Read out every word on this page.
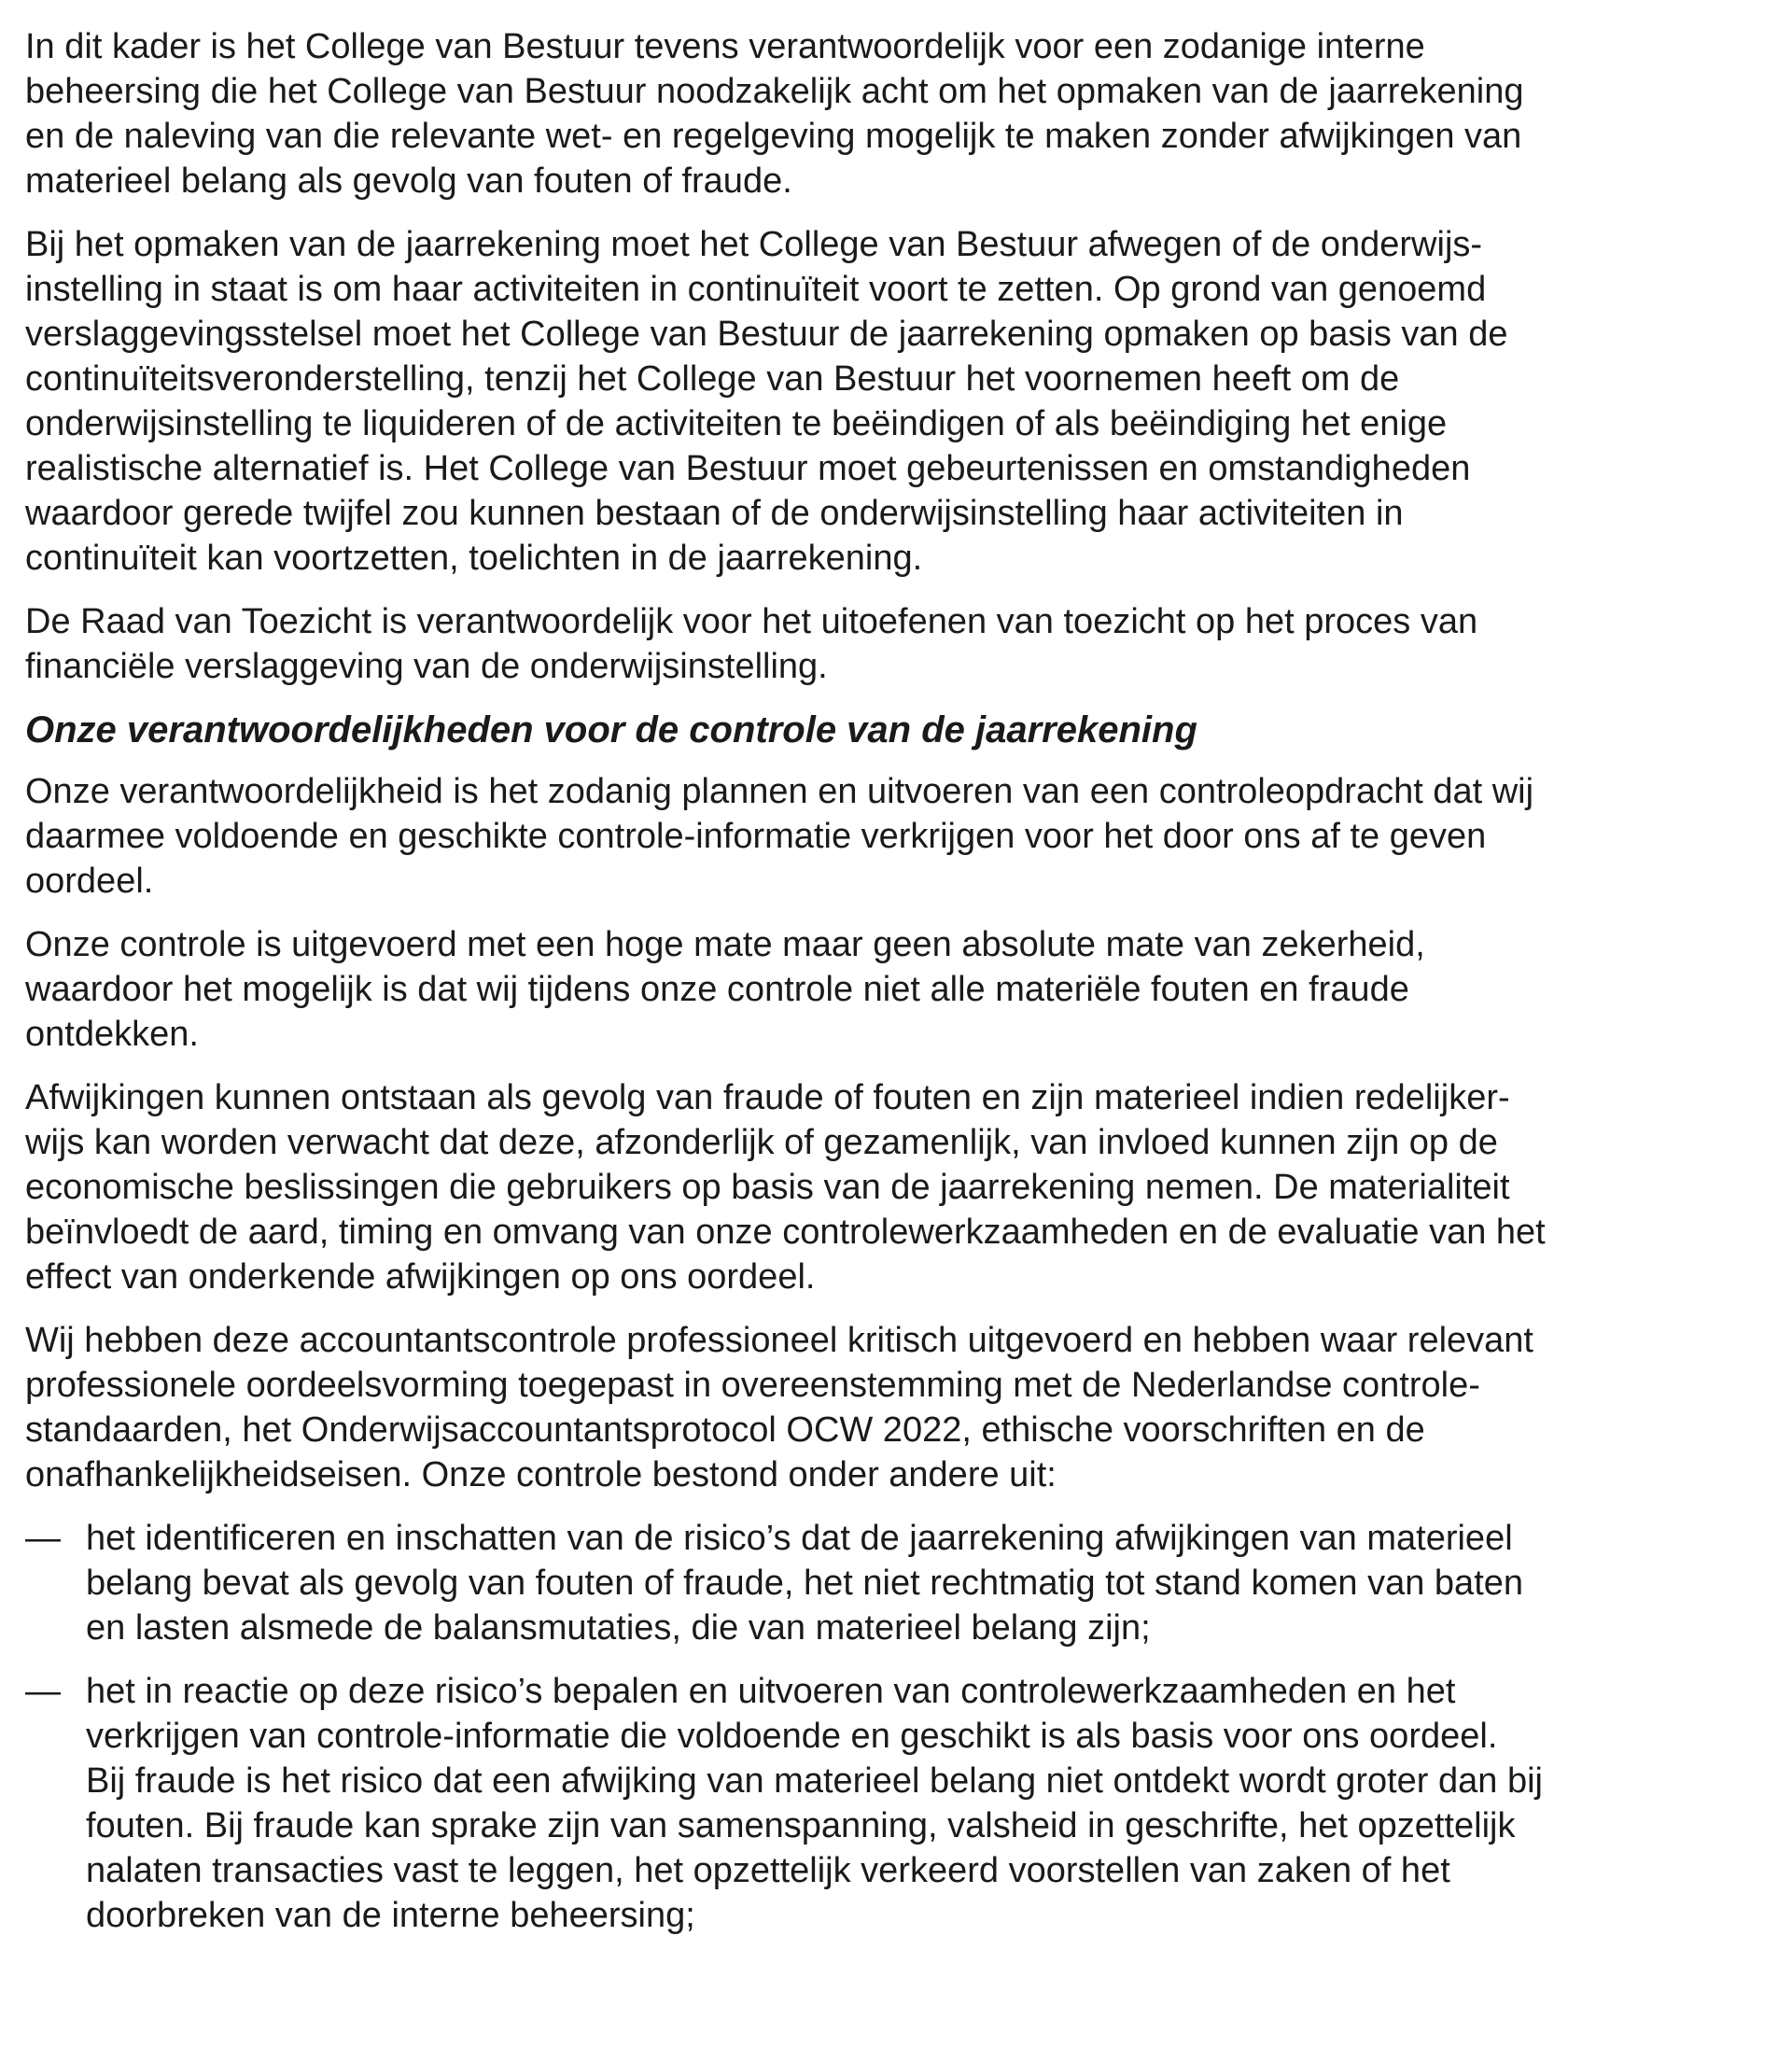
In dit kader is het College van Bestuur tevens verantwoordelijk voor een zodanige interne
beheersing die het College van Bestuur noodzakelijk acht om het opmaken van de jaarrekening
en de naleving van die relevante wet- en regelgeving mogelijk te maken zonder afwijkingen van
materieel belang als gevolg van fouten of fraude.
Bij het opmaken van de jaarrekening moet het College van Bestuur afwegen of de onderwijs-
instelling in staat is om haar activiteiten in continuïteit voort te zetten. Op grond van genoemd
verslaggevingsstelsel moet het College van Bestuur de jaarrekening opmaken op basis van de
continuïteitsveronderstelling, tenzij het College van Bestuur het voornemen heeft om de
onderwijsinstelling te liquideren of de activiteiten te beëindigen of als beëindiging het enige
realistische alternatief is. Het College van Bestuur moet gebeurtenissen en omstandigheden
waardoor gerede twijfel zou kunnen bestaan of de onderwijsinstelling haar activiteiten in
continuïteit kan voortzetten, toelichten in de jaarrekening.
De Raad van Toezicht is verantwoordelijk voor het uitoefenen van toezicht op het proces van
financiële verslaggeving van de onderwijsinstelling.
Onze verantwoordelijkheden voor de controle van de jaarrekening
Onze verantwoordelijkheid is het zodanig plannen en uitvoeren van een controleopdracht dat wij
daarmee voldoende en geschikte controle-informatie verkrijgen voor het door ons af te geven
oordeel.
Onze controle is uitgevoerd met een hoge mate maar geen absolute mate van zekerheid,
waardoor het mogelijk is dat wij tijdens onze controle niet alle materiële fouten en fraude
ontdekken.
Afwijkingen kunnen ontstaan als gevolg van fraude of fouten en zijn materieel indien redelijker-
wijs kan worden verwacht dat deze, afzonderlijk of gezamenlijk, van invloed kunnen zijn op de
economische beslissingen die gebruikers op basis van de jaarrekening nemen. De materialiteit
beïnvloedt de aard, timing en omvang van onze controlewerkzaamheden en de evaluatie van het
effect van onderkende afwijkingen op ons oordeel.
Wij hebben deze accountantscontrole professioneel kritisch uitgevoerd en hebben waar relevant
professionele oordeelsvorming toegepast in overeenstemming met de Nederlandse controle-
standaarden, het Onderwijsaccountantsprotocol OCW 2022, ethische voorschriften en de
onafhankelijkheidseisen. Onze controle bestond onder andere uit:
— het identificeren en inschatten van de risico’s dat de jaarrekening afwijkingen van materieel
belang bevat als gevolg van fouten of fraude, het niet rechtmatig tot stand komen van baten
en lasten alsmede de balansmutaties, die van materieel belang zijn;
— het in reactie op deze risico’s bepalen en uitvoeren van controlewerkzaamheden en het
verkrijgen van controle-informatie die voldoende en geschikt is als basis voor ons oordeel.
Bij fraude is het risico dat een afwijking van materieel belang niet ontdekt wordt groter dan bij
fouten. Bij fraude kan sprake zijn van samenspanning, valsheid in geschrifte, het opzettelijk
nalaten transacties vast te leggen, het opzettelijk verkeerd voorstellen van zaken of het
doorbreken van de interne beheersing;
